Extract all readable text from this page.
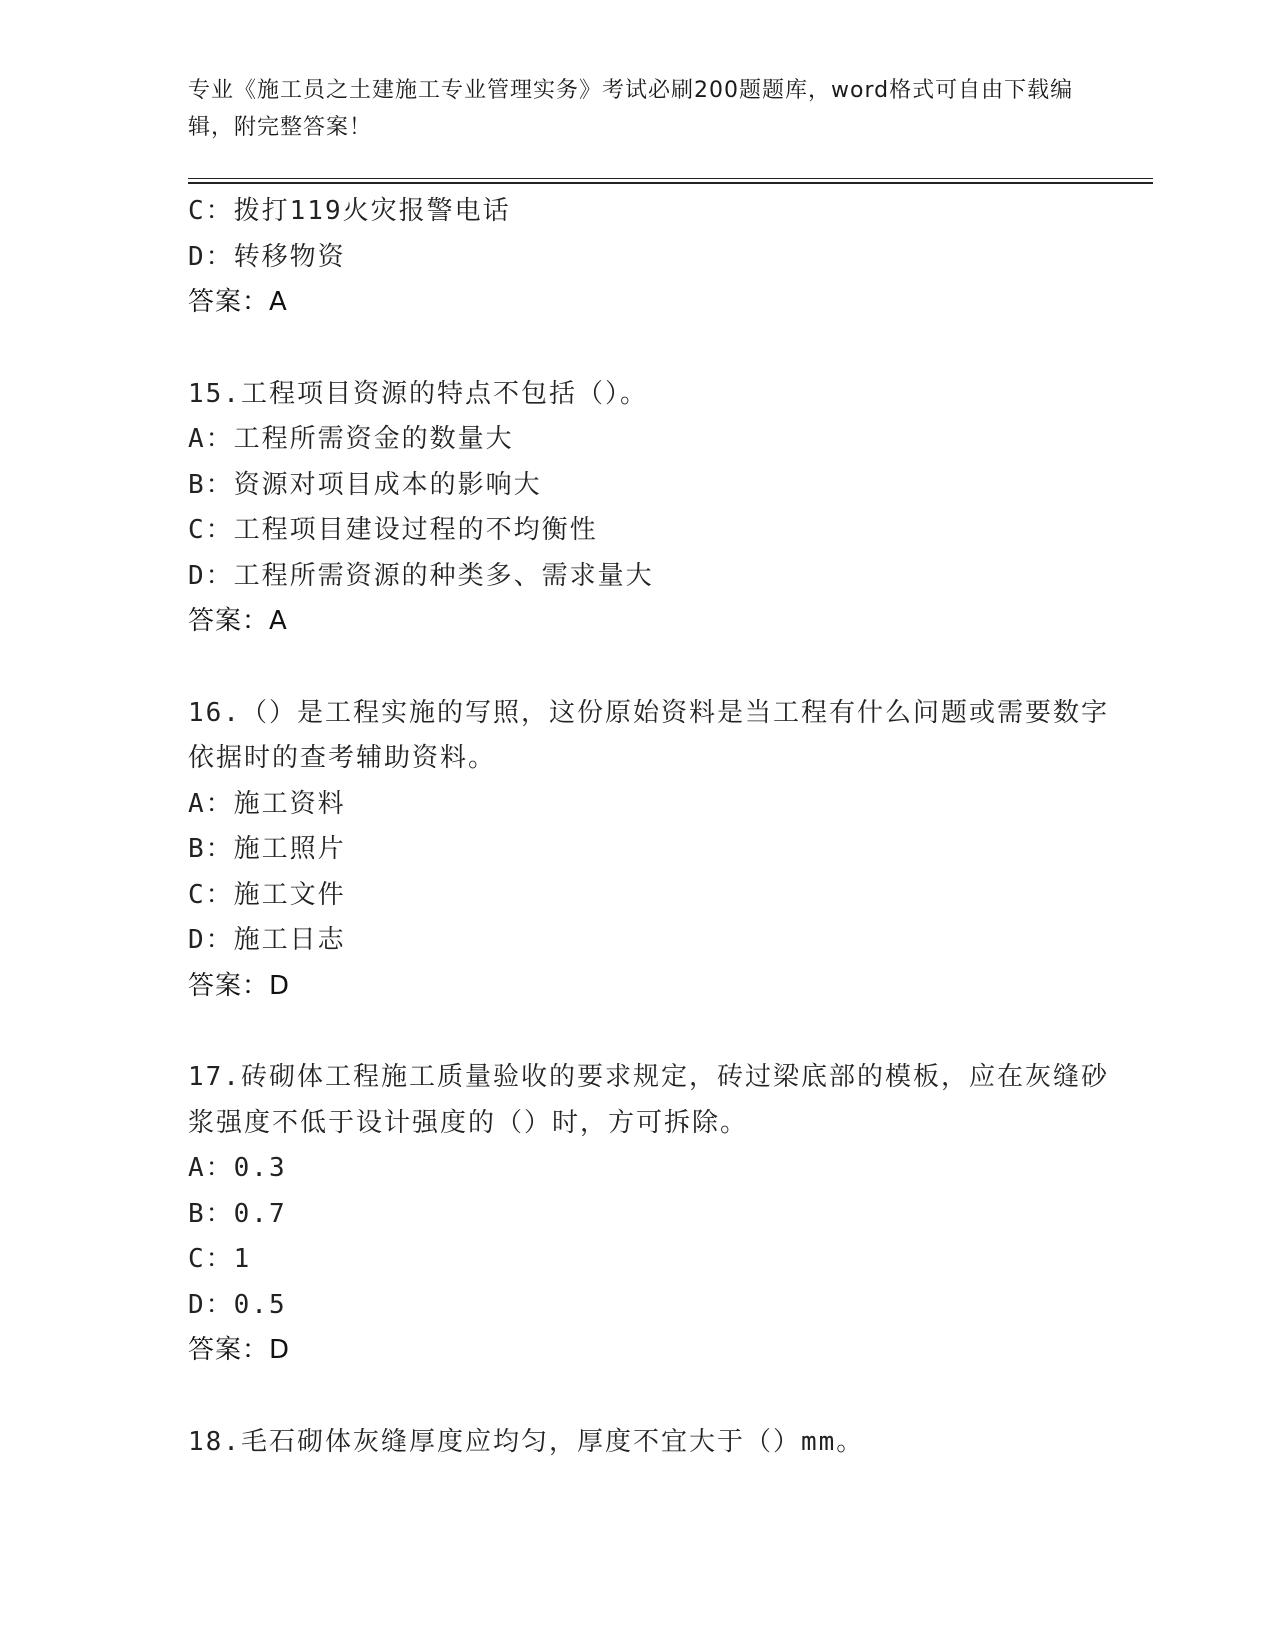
专业《施工员之土建施工专业管理实务》考试必刷200题题库，word格式可自由下载编辑，附完整答案！
C：拨打119火灾报警电话
D：转移物资
答案：A
15.工程项目资源的特点不包括（）。
A：工程所需资金的数量大
B：资源对项目成本的影响大
C：工程项目建设过程的不均衡性
D：工程所需资源的种类多、需求量大
答案：A
16.（）是工程实施的写照，这份原始资料是当工程有什么问题或需要数字依据时的查考辅助资料。
A：施工资料
B：施工照片
C：施工文件
D：施工日志
答案：D
17.砖砌体工程施工质量验收的要求规定，砖过梁底部的模板，应在灰缝砂浆强度不低于设计强度的（）时，方可拆除。
A：0.3
B：0.7
C：1
D：0.5
答案：D
18.毛石砌体灰缝厚度应均匀，厚度不宜大于（）mm。
